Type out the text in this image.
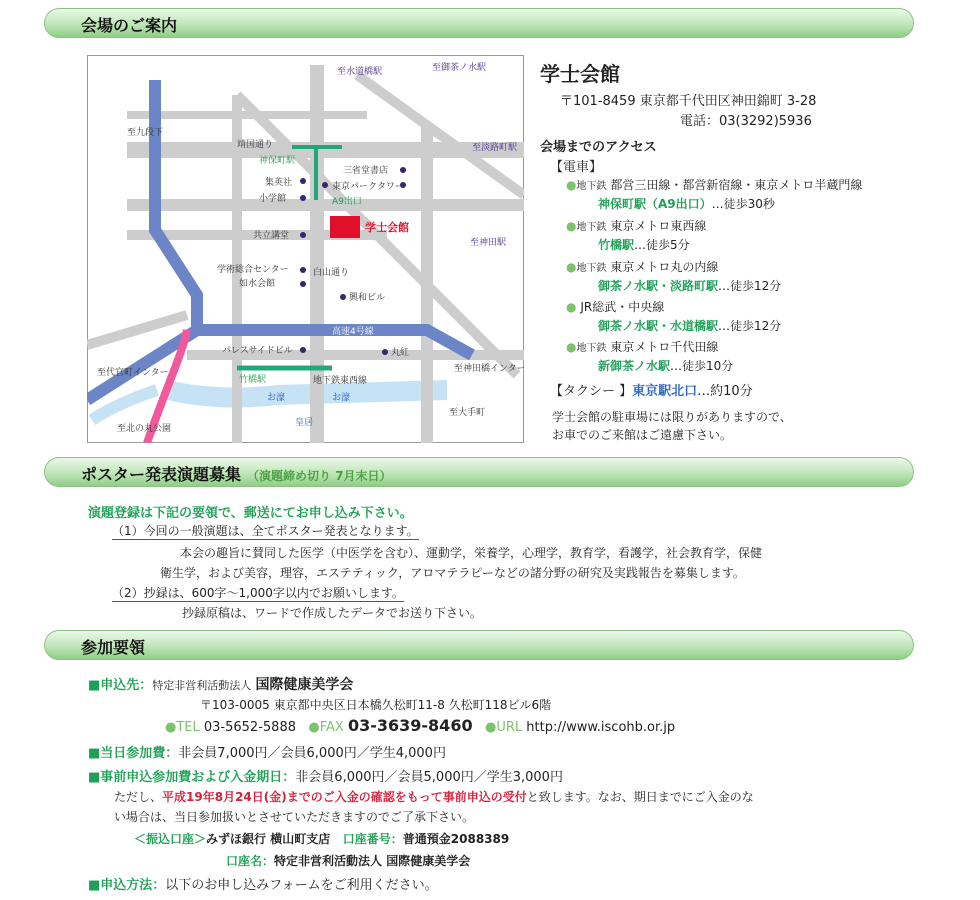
会場のご案内
至水道橋駅	至御茶ノ水駅
至淡路町駅
至神田駅
至九段下
靖国通り
神保町駅
三省堂書店
集英社
小学館
東京パークタワー
A9出口
共立講堂
学士会館
学術総合センター
如水会館
白山通り
興和ビル
高速4号線
パレスサイドビル	丸紅
至神田橋インター
至代官町インター
竹橋駅	地下鉄東西線
お濠	お濠
至大手町
至北の丸公園
皇居
学士会館
〒101-8459 東京都千代田区神田錦町 3-28
電話：03(3292)5936
会場までのアクセス
【電車】
●地下鉄 都営三田線・都営新宿線・東京メトロ半蔵門線
神保町駅（A9出口）…徒歩30秒
●地下鉄 東京メトロ東西線
竹橋駅…徒歩5分
●地下鉄 東京メトロ丸の内線
御茶ノ水駅・淡路町駅…徒歩12分
● JR総武・中央線
御茶ノ水駅・水道橋駅…徒歩12分
●地下鉄 東京メトロ千代田線
新御茶ノ水駅…徒歩10分
【タクシー 】東京駅北口…約10分
学士会館の駐車場には限りがありますので、
お車でのご来館はご遠慮下さい。
ポスター発表演題募集 （演題締め切り 7月末日）
演題登録は下記の要領で、郵送にてお申し込み下さい。
（1）今回の一般演題は、全てポスター発表となります。
本会の趣旨に賛同した医学（中医学を含む）、運動学，栄養学，心理学，教育学，看護学，社会教育学，保健
衛生学，および美容，理容，エステティック，アロマテラピーなどの諸分野の研究及実践報告を募集します。
（2）抄録は、600字～1,000字以内でお願いします。
抄録原稿は、ワードで作成したデータでお送り下さい。
参加要領
■申込先：特定非営利活動法人 国際健康美学会
〒103-0005 東京都中央区日本橋久松町11-8 久松町118ビル6階
●TEL 03-5652-5888 ●FAX 03-3639-8460 ●URL http://www.iscohb.or.jp
■当日参加費：非会員7,000円／会員6,000円／学生4,000円
■事前申込参加費および入金期日：非会員6,000円／会員5,000円／学生3,000円
ただし、平成19年8月24日(金)までのご入金の確認をもって事前申込の受付と致します。なお、期日までにご入金のな
い場合は、当日参加扱いとさせていただきますのでご了承下さい。
＜振込口座＞みずほ銀行 横山町支店 口座番号：普通預金2088389
口座名：特定非営利活動法人 国際健康美学会
■申込方法：以下のお申し込みフォームをご利用ください。
